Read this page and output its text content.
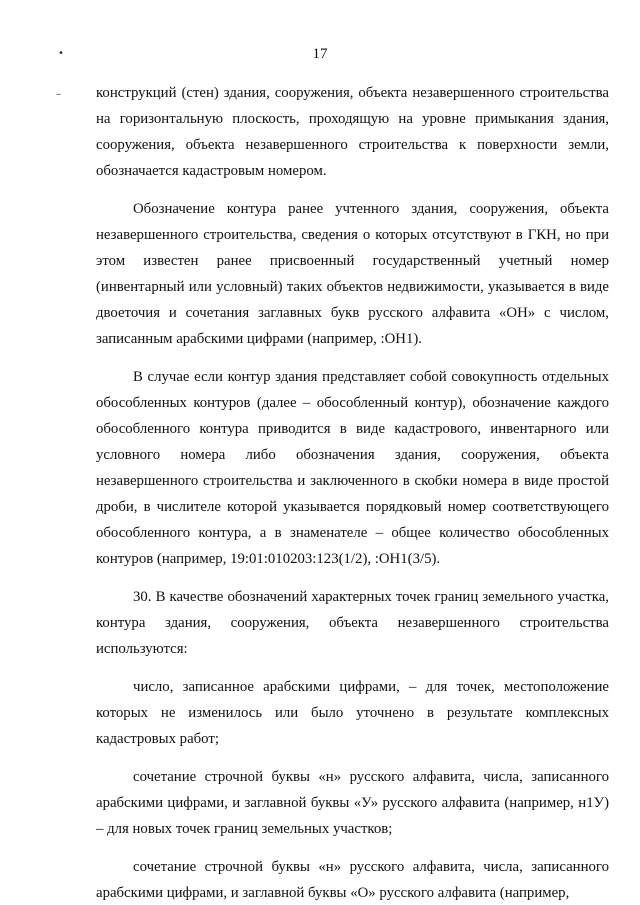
•
–
17

конструкций (стен) здания, сооружения, объекта незавершенного строительства на горизонтальную плоскость, проходящую на уровне примыкания здания, сооружения, объекта незавершенного строительства к поверхности земли, обозначается кадастровым номером.

Обозначение контура ранее учтенного здания, сооружения, объекта незавершенного строительства, сведения о которых отсутствуют в ГКН, но при этом известен ранее присвоенный государственный учетный номер (инвентарный или условный) таких объектов недвижимости, указывается в виде двоеточия и сочетания заглавных букв русского алфавита «ОН» с числом, записанным арабскими цифрами (например, :ОН1).

В случае если контур здания представляет собой совокупность отдельных обособленных контуров (далее – обособленный контур), обозначение каждого обособленного контура приводится в виде кадастрового, инвентарного или условного номера либо обозначения здания, сооружения, объекта незавершенного строительства и заключенного в скобки номера в виде простой дроби, в числителе которой указывается порядковый номер соответствующего обособленного контура, а в знаменателе – общее количество обособленных контуров (например, 19:01:010203:123(1/2), :ОН1(3/5).

30. В качестве обозначений характерных точек границ земельного участка, контура здания, сооружения, объекта незавершенного строительства используются:

число, записанное арабскими цифрами, – для точек, местоположение которых не изменилось или было уточнено в результате комплексных кадастровых работ;

сочетание строчной буквы «н» русского алфавита, числа, записанного арабскими цифрами, и заглавной буквы «У» русского алфавита (например, н1У) – для новых точек границ земельных участков;

сочетание строчной буквы «н» русского алфавита, числа, записанного арабскими цифрами, и заглавной буквы «О» русского алфавита (например,
